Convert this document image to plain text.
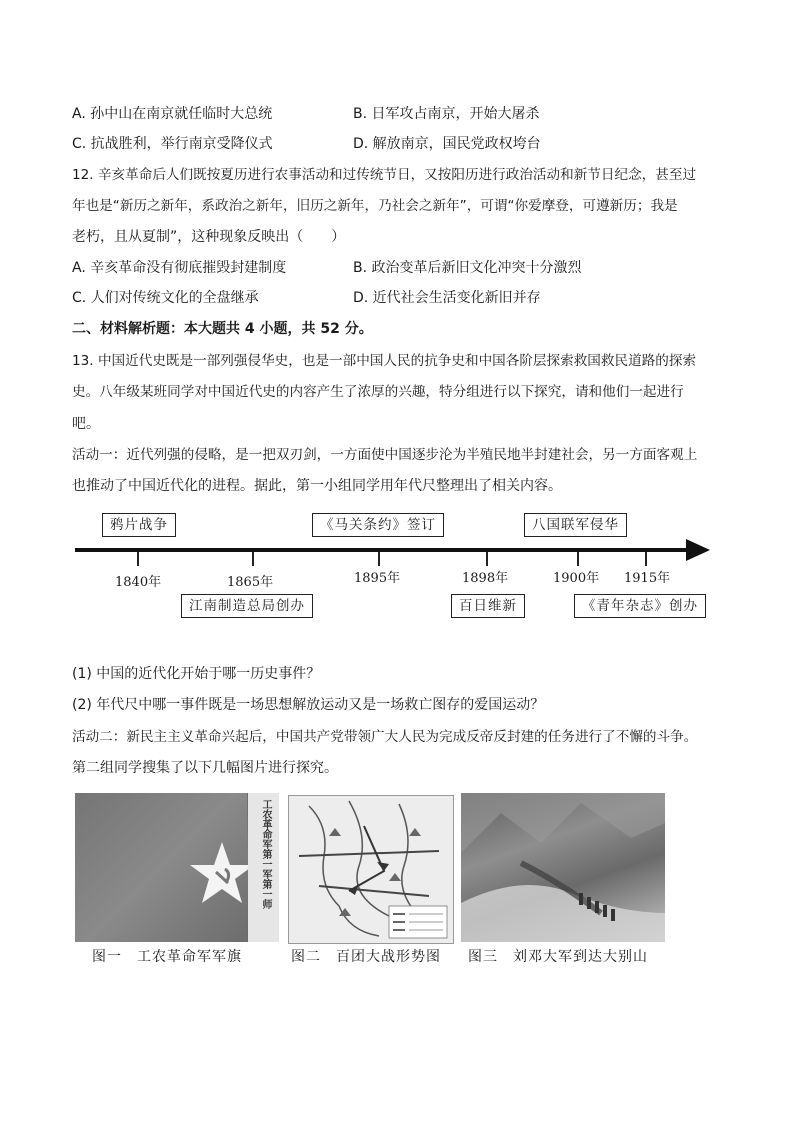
A. 孙中山在南京就任临时大总统	B. 日军攻占南京，开始大屠杀
C. 抗战胜利，举行南京受降仪式	D. 解放南京，国民党政权垮台
12. 辛亥革命后人们既按夏历进行农事活动和过传统节日，又按阳历进行政治活动和新节日纪念，甚至过
年也是“新历之新年，系政治之新年，旧历之新年，乃社会之新年”，可谓“你爱摩登，可遵新历；我是
老朽，且从夏制”，这种现象反映出（　　）
A. 辛亥革命没有彻底摧毁封建制度	B. 政治变革后新旧文化冲突十分激烈
C. 人们对传统文化的全盘继承	D. 近代社会生活变化新旧并存
二、材料解析题：本大题共 4 小题，共 52 分。
13. 中国近代史既是一部列强侵华史，也是一部中国人民的抗争史和中国各阶层探索救国救民道路的探索
史。八年级某班同学对中国近代史的内容产生了浓厚的兴趣，特分组进行以下探究，请和他们一起进行
吧。
活动一：近代列强的侵略，是一把双刃剑，一方面使中国逐步沦为半殖民地半封建社会，另一方面客观上
也推动了中国近代化的进程。据此，第一小组同学用年代尺整理出了相关内容。
1840年	1865年	1895年	1898年	1900年 1915年
鸦片战争	《马关条约》签订	八国联军侵华
江南制造总局创办	百日维新	《青年杂志》创办
(1) 中国的近代化开始于哪一历史事件？
(2) 年代尺中哪一事件既是一场思想解放运动又是一场救亡图存的爱国运动？
活动二：新民主主义革命兴起后，中国共产党带领广大人民为完成反帝反封建的任务进行了不懈的斗争。
第二组同学搜集了以下几幅图片进行探究。
工农革命军第一军第一师
图一　工农革命军军旗	图二　百团大战形势图 图三　刘邓大军到达大别山
